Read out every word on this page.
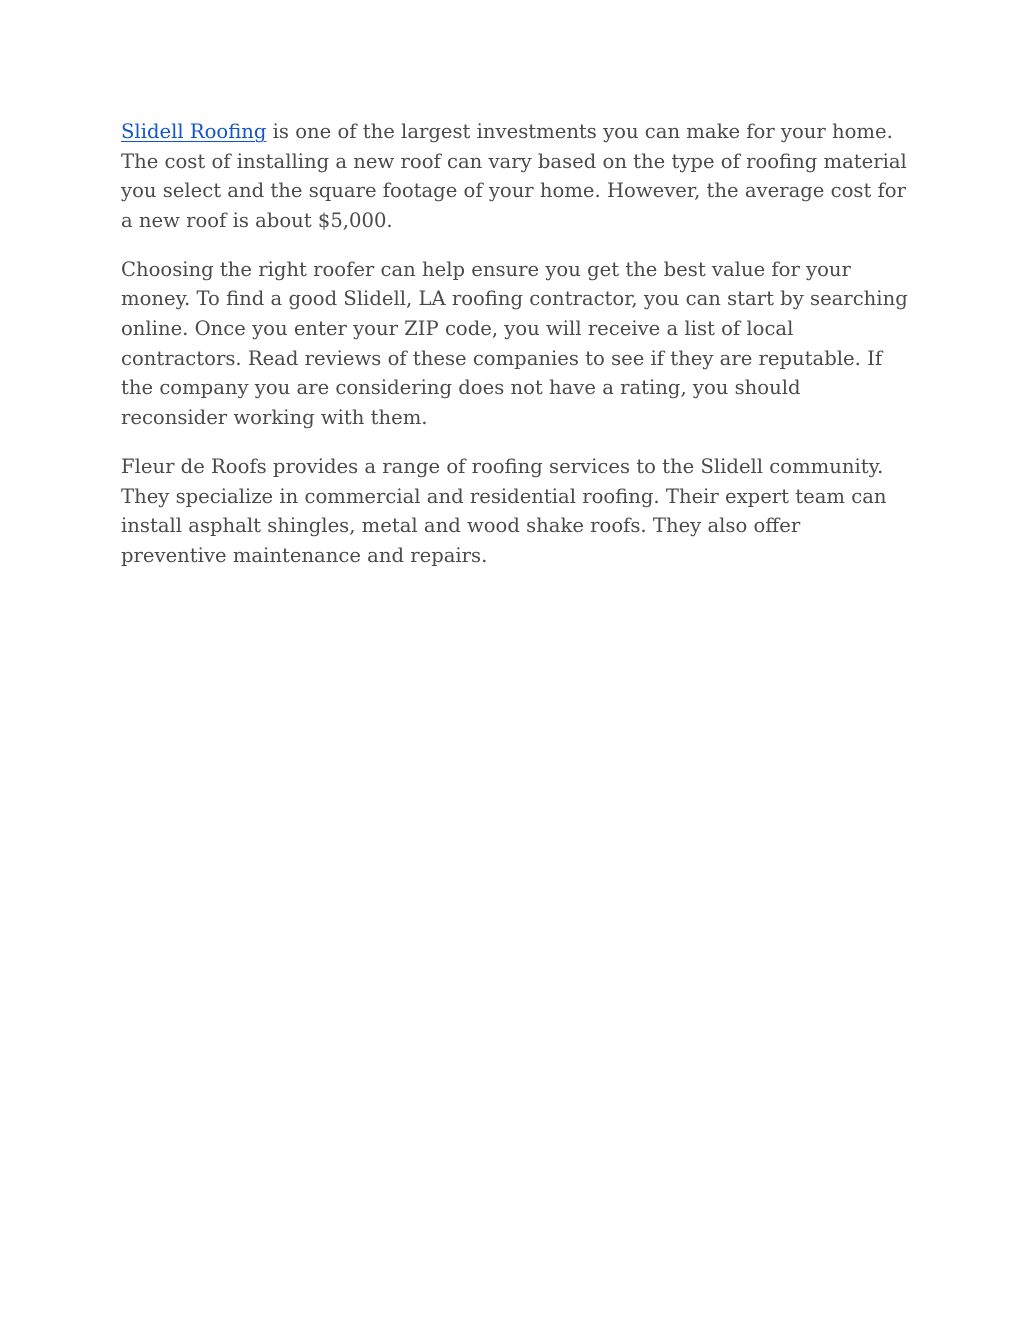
Slidell Roofing is one of the largest investments you can make for your home. The cost of installing a new roof can vary based on the type of roofing material you select and the square footage of your home. However, the average cost for a new roof is about $5,000.

Choosing the right roofer can help ensure you get the best value for your money. To find a good Slidell, LA roofing contractor, you can start by searching online. Once you enter your ZIP code, you will receive a list of local contractors. Read reviews of these companies to see if they are reputable. If the company you are considering does not have a rating, you should reconsider working with them.

Fleur de Roofs provides a range of roofing services to the Slidell community. They specialize in commercial and residential roofing. Their expert team can install asphalt shingles, metal and wood shake roofs. They also offer preventive maintenance and repairs.
